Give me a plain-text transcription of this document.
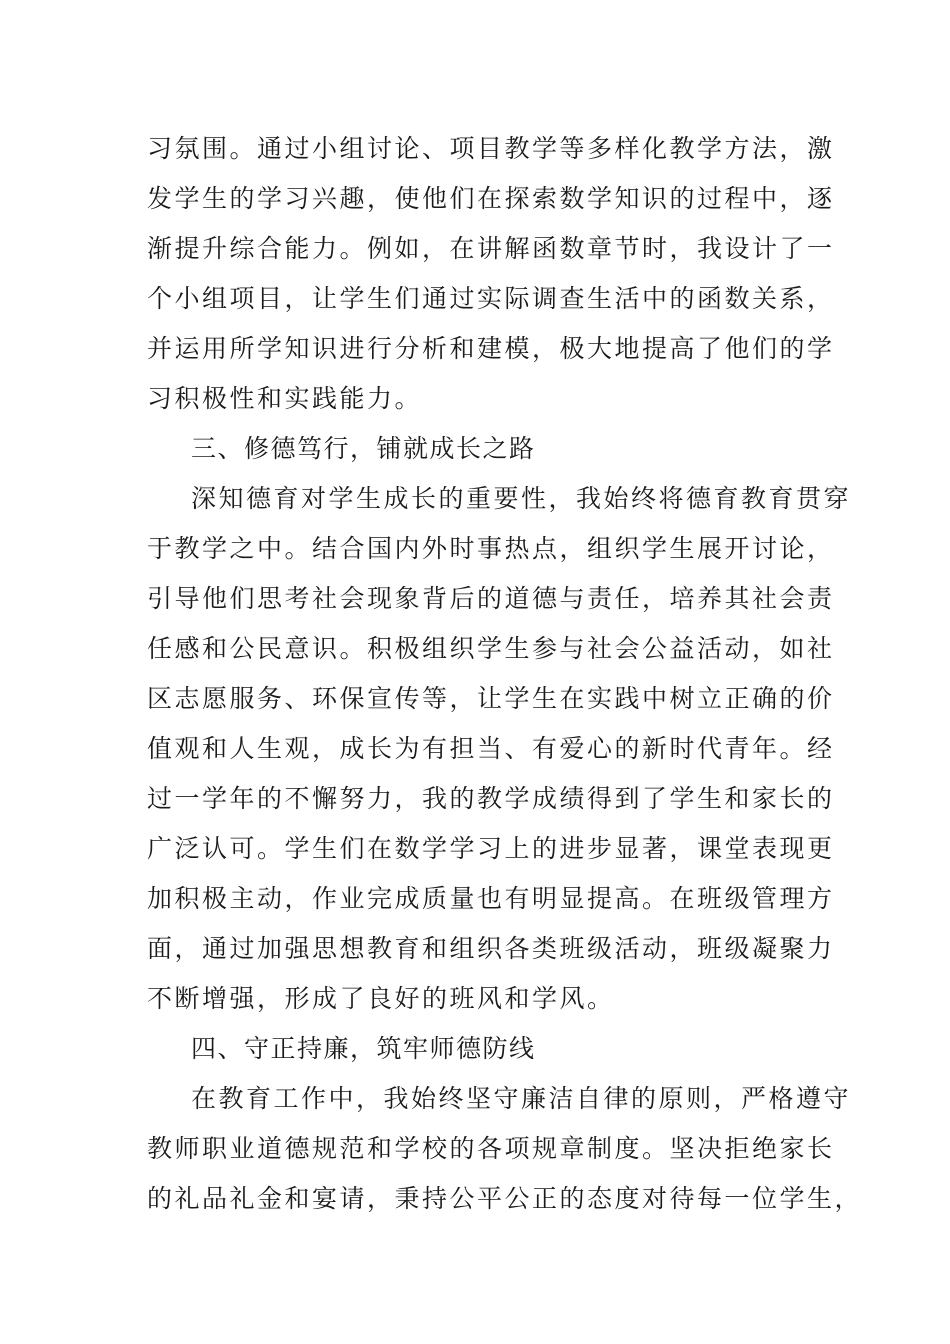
习氛围。通过小组讨论、项目教学等多样化教学方法，激
发学生的学习兴趣，使他们在探索数学知识的过程中，逐
渐提升综合能力。例如，在讲解函数章节时，我设计了一
个小组项目，让学生们通过实际调查生活中的函数关系，
并运用所学知识进行分析和建模，极大地提高了他们的学
习积极性和实践能力。
三、修德笃行，铺就成长之路
深知德育对学生成长的重要性，我始终将德育教育贯穿
于教学之中。结合国内外时事热点，组织学生展开讨论，
引导他们思考社会现象背后的道德与责任，培养其社会责
任感和公民意识。积极组织学生参与社会公益活动，如社
区志愿服务、环保宣传等，让学生在实践中树立正确的价
值观和人生观，成长为有担当、有爱心的新时代青年。经
过一学年的不懈努力，我的教学成绩得到了学生和家长的
广泛认可。学生们在数学学习上的进步显著，课堂表现更
加积极主动，作业完成质量也有明显提高。在班级管理方
面，通过加强思想教育和组织各类班级活动，班级凝聚力
不断增强，形成了良好的班风和学风。
四、守正持廉，筑牢师德防线
在教育工作中，我始终坚守廉洁自律的原则，严格遵守
教师职业道德规范和学校的各项规章制度。坚决拒绝家长
的礼品礼金和宴请，秉持公平公正的态度对待每一位学生，
